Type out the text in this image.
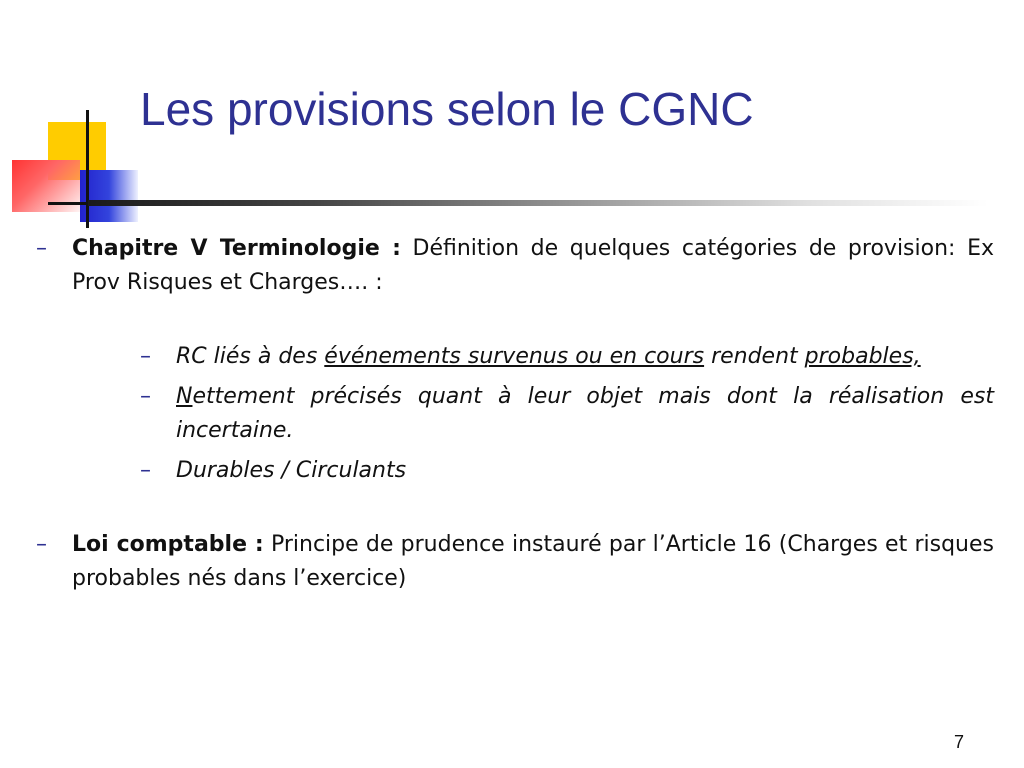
Les provisions selon le CGNC

– Chapitre V Terminologie : Définition de quelques catégories de provision: Ex Prov Risques et Charges…. :

– RC liés à des événements survenus ou en cours rendent probables,

– Nettement précisés quant à leur objet mais dont la réalisation est incertaine.

– Durables / Circulants

– Loi comptable : Principe de prudence instauré par l’Article 16 (Charges et risques probables nés dans l’exercice)

7
